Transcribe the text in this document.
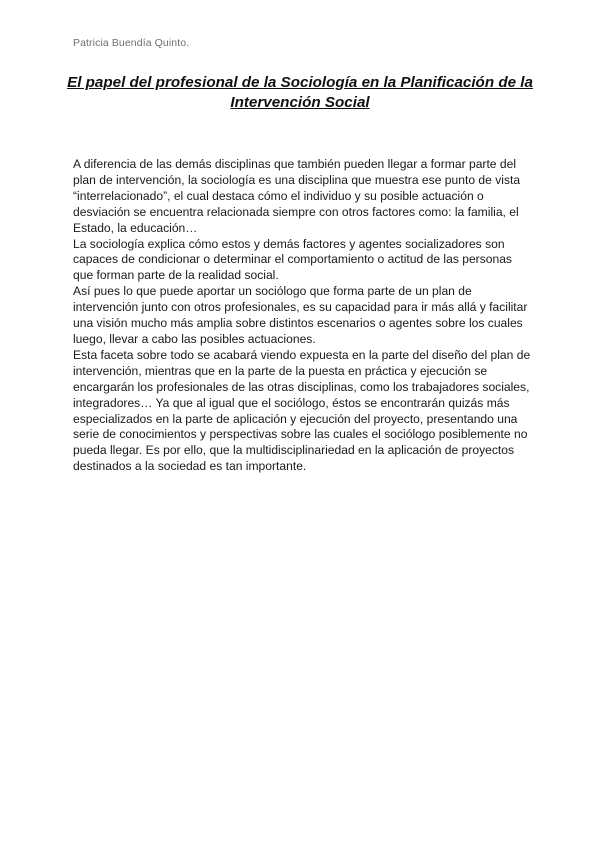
Patricia Buendía Quinto.
El papel del profesional de la Sociología en la Planificación de la Intervención Social

A diferencia de las demás disciplinas que también pueden llegar a formar parte del plan de intervención, la sociología es una disciplina que muestra ese punto de vista “interrelacionado”, el cual destaca cómo el individuo y su posible actuación o desviación se encuentra relacionada siempre con otros factores como: la familia, el Estado, la educación…

La sociología explica cómo estos y demás factores y agentes socializadores son capaces de condicionar o determinar el comportamiento o actitud de las personas que forman parte de la realidad social.

Así pues lo que puede aportar un sociólogo que forma parte de un plan de intervención junto con otros profesionales, es su capacidad para ir más allá y facilitar una visión mucho más amplia sobre distintos escenarios o agentes sobre los cuales luego, llevar a cabo las posibles actuaciones.

Esta faceta sobre todo se acabará viendo expuesta en la parte del diseño del plan de intervención, mientras que en la parte de la puesta en práctica y ejecución se encargarán los profesionales de las otras disciplinas, como los trabajadores sociales, integradores… Ya que al igual que el sociólogo, éstos se encontrarán quizás más especializados en la parte de aplicación y ejecución del proyecto, presentando una serie de conocimientos y perspectivas sobre las cuales el sociólogo posiblemente no pueda llegar. Es por ello, que la multidisciplinariedad en la aplicación de proyectos destinados a la sociedad es tan importante.
